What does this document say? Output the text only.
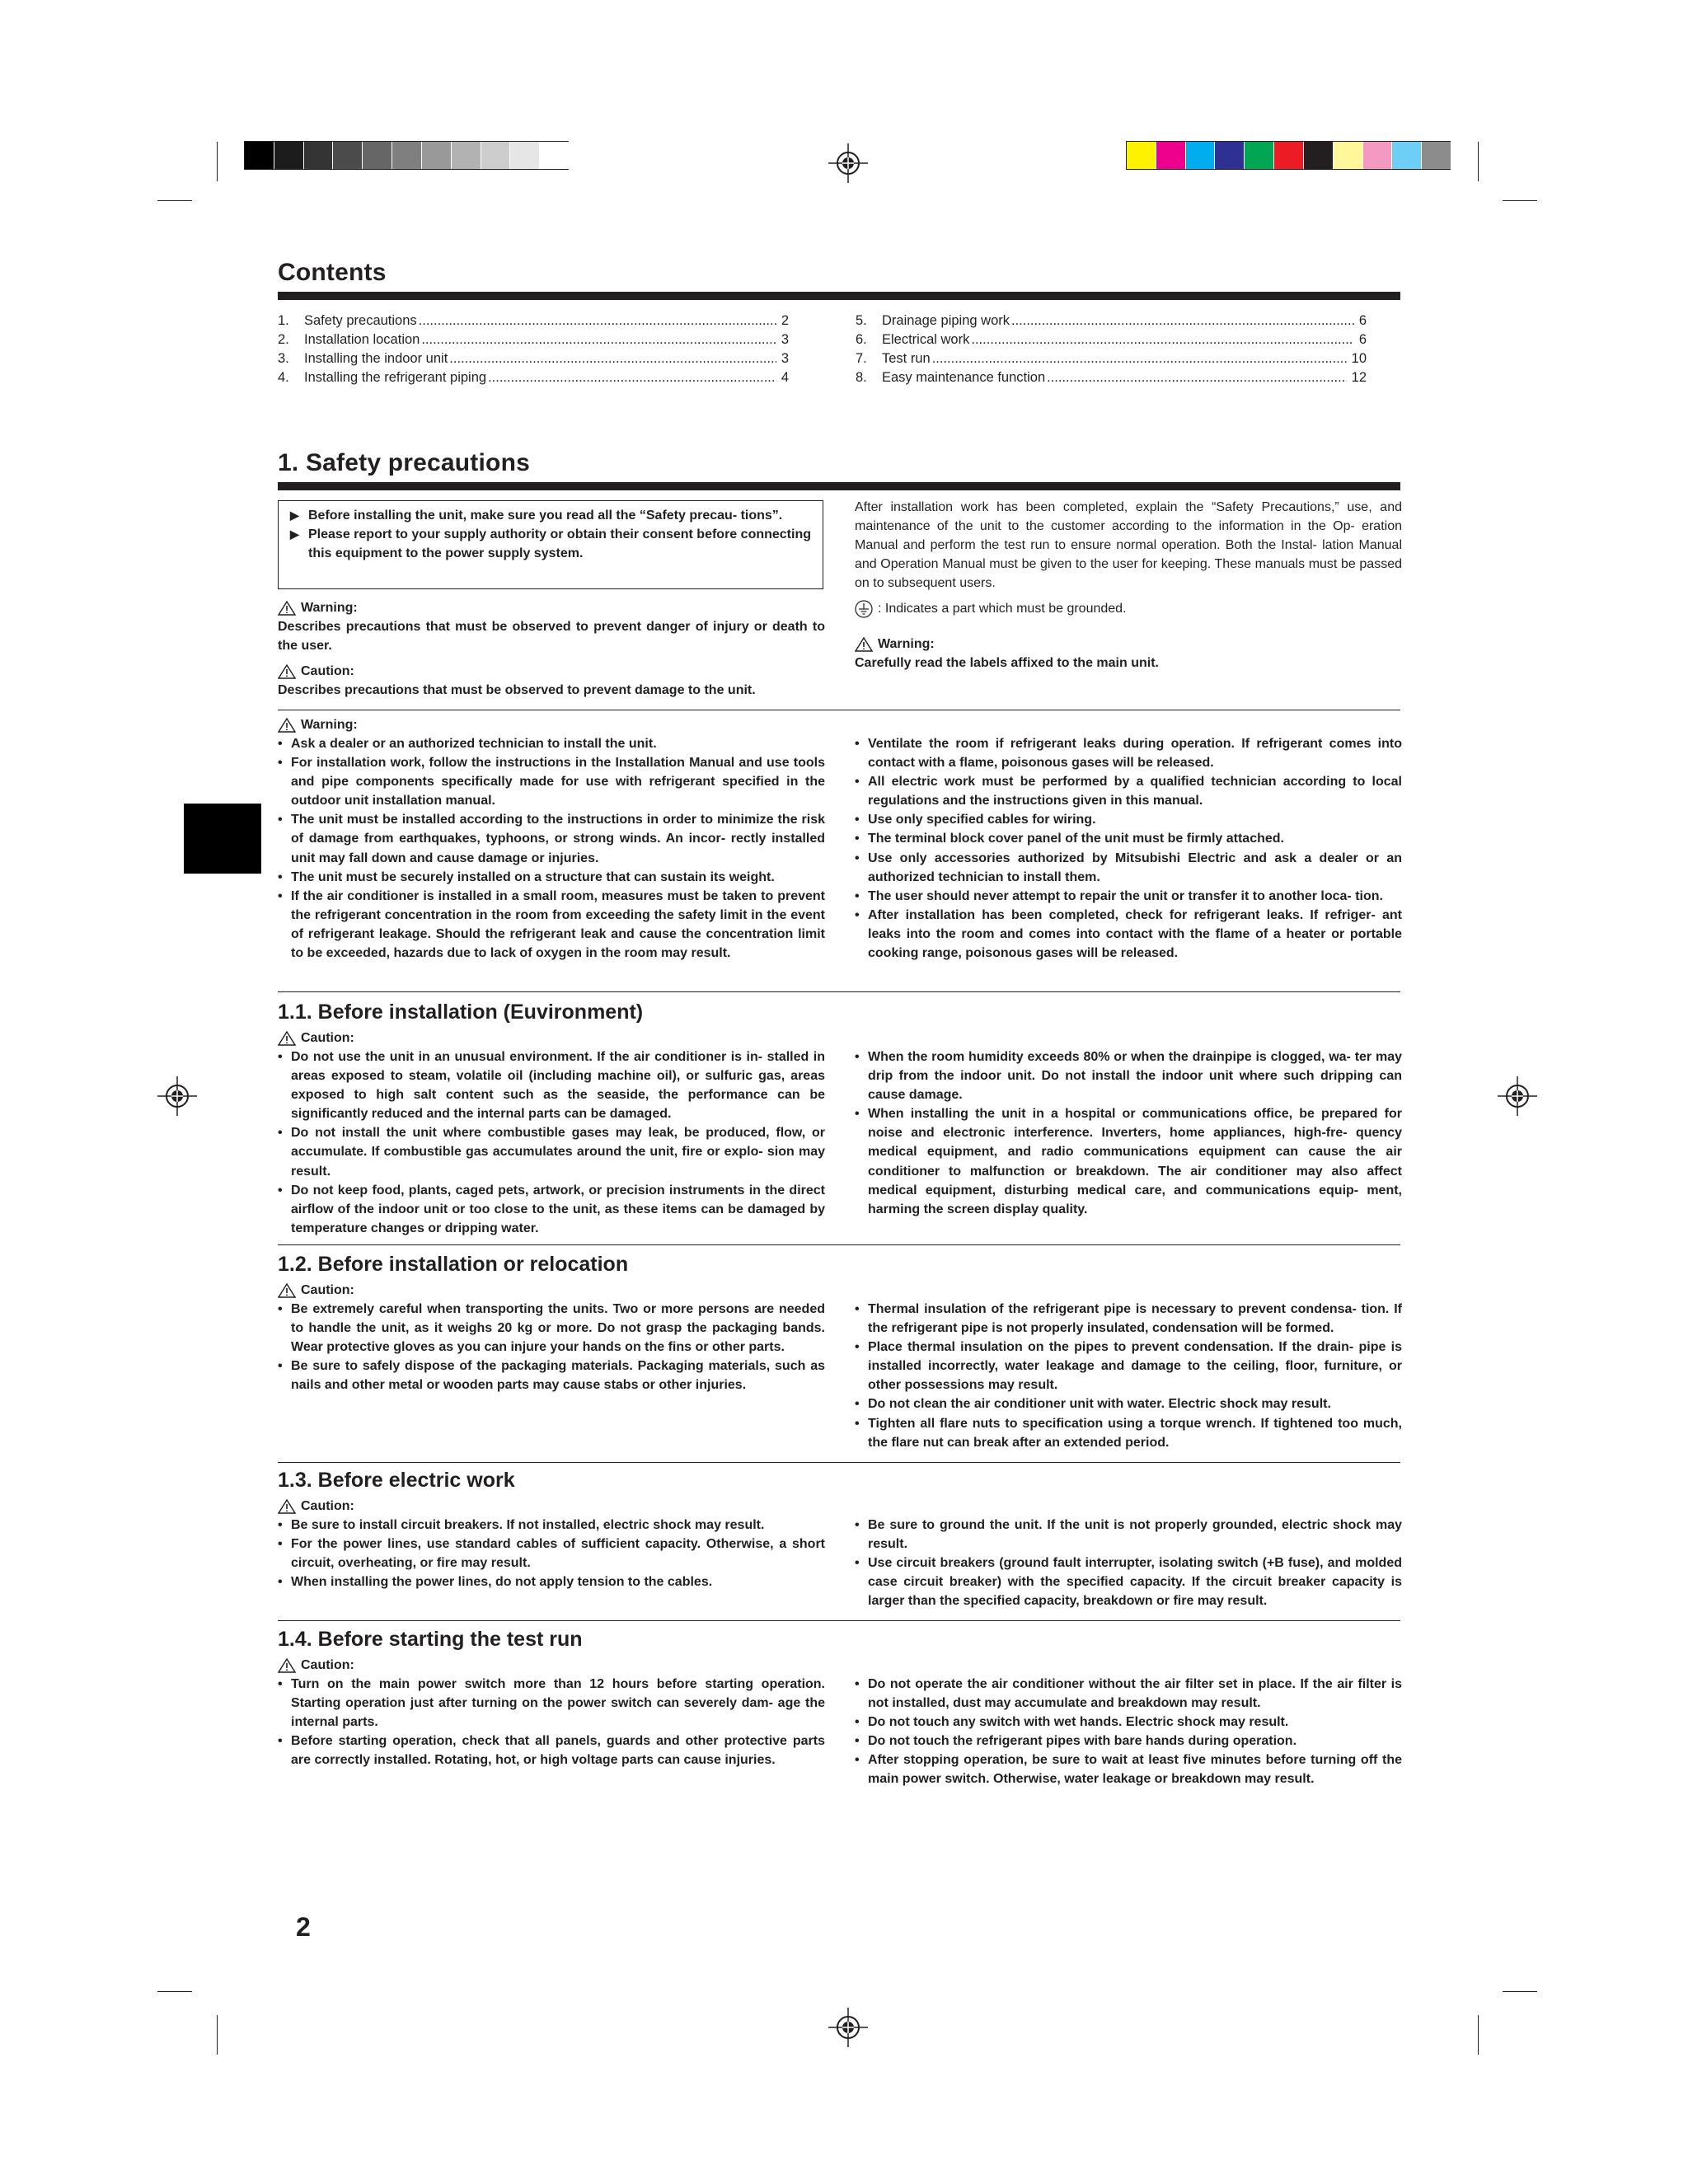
Contents
1.	Safety precautions .....	2
2.	Installation location .....	3
3.	Installing the indoor unit .....	3
4.	Installing the refrigerant piping .....	4
5.	Drainage piping work .....	6
6.	Electrical work .....	6
7.	Test run .....	10
8.	Easy maintenance function .....	12
1. Safety precautions
▶ Before installing the unit, make sure you read all the “Safety precau- tions”.
▶ Please report to your supply authority or obtain their consent before connecting this equipment to the power supply system.
Warning:
Describes precautions that must be observed to prevent danger of injury or death to the user.
Caution:
Describes precautions that must be observed to prevent damage to the unit.
After installation work has been completed, explain the “Safety Precautions,” use, and maintenance of the unit to the customer according to the information in the Op- eration Manual and perform the test run to ensure normal operation. Both the Instal- lation Manual and Operation Manual must be given to the user for keeping. These manuals must be passed on to subsequent users.
: Indicates a part which must be grounded.
Warning:
Carefully read the labels affixed to the main unit.
Warning:
• Ask a dealer or an authorized technician to install the unit.
• For installation work, follow the instructions in the Installation Manual and use tools and pipe components specifically made for use with refrigerant specified in the outdoor unit installation manual.
• The unit must be installed according to the instructions in order to minimize the risk of damage from earthquakes, typhoons, or strong winds. An incor- rectly installed unit may fall down and cause damage or injuries.
• The unit must be securely installed on a structure that can sustain its weight.
• If the air conditioner is installed in a small room, measures must be taken to prevent the refrigerant concentration in the room from exceeding the safety limit in the event of refrigerant leakage. Should the refrigerant leak and cause the concentration limit to be exceeded, hazards due to lack of oxygen in the room may result.
• Ventilate the room if refrigerant leaks during operation. If refrigerant comes into contact with a flame, poisonous gases will be released.
• All electric work must be performed by a qualified technician according to local regulations and the instructions given in this manual.
• Use only specified cables for wiring.
• The terminal block cover panel of the unit must be firmly attached.
• Use only accessories authorized by Mitsubishi Electric and ask a dealer or an authorized technician to install them.
• The user should never attempt to repair the unit or transfer it to another loca- tion.
• After installation has been completed, check for refrigerant leaks. If refriger- ant leaks into the room and comes into contact with the flame of a heater or portable cooking range, poisonous gases will be released.
1.1. Before installation (Euvironment)
Caution:
• Do not use the unit in an unusual environment. If the air conditioner is in- stalled in areas exposed to steam, volatile oil (including machine oil), or sulfuric gas, areas exposed to high salt content such as the seaside, the performance can be significantly reduced and the internal parts can be damaged.
• Do not install the unit where combustible gases may leak, be produced, flow, or accumulate. If combustible gas accumulates around the unit, fire or explo- sion may result.
• Do not keep food, plants, caged pets, artwork, or precision instruments in the direct airflow of the indoor unit or too close to the unit, as these items can be damaged by temperature changes or dripping water.
• When the room humidity exceeds 80% or when the drainpipe is clogged, wa- ter may drip from the indoor unit. Do not install the indoor unit where such dripping can cause damage.
• When installing the unit in a hospital or communications office, be prepared for noise and electronic interference. Inverters, home appliances, high-fre- quency medical equipment, and radio communications equipment can cause the air conditioner to malfunction or breakdown. The air conditioner may also affect medical equipment, disturbing medical care, and communications equip- ment, harming the screen display quality.
1.2. Before installation or relocation
Caution:
• Be extremely careful when transporting the units. Two or more persons are needed to handle the unit, as it weighs 20 kg or more. Do not grasp the packaging bands. Wear protective gloves as you can injure your hands on the fins or other parts.
• Be sure to safely dispose of the packaging materials. Packaging materials, such as nails and other metal or wooden parts may cause stabs or other injuries.
• Thermal insulation of the refrigerant pipe is necessary to prevent condensa- tion. If the refrigerant pipe is not properly insulated, condensation will be formed.
• Place thermal insulation on the pipes to prevent condensation. If the drain- pipe is installed incorrectly, water leakage and damage to the ceiling, floor, furniture, or other possessions may result.
• Do not clean the air conditioner unit with water. Electric shock may result.
• Tighten all flare nuts to specification using a torque wrench. If tightened too much, the flare nut can break after an extended period.
1.3. Before electric work
Caution:
• Be sure to install circuit breakers. If not installed, electric shock may result.
• For the power lines, use standard cables of sufficient capacity. Otherwise, a short circuit, overheating, or fire may result.
• When installing the power lines, do not apply tension to the cables.
• Be sure to ground the unit. If the unit is not properly grounded, electric shock may result.
• Use circuit breakers (ground fault interrupter, isolating switch (+B fuse), and molded case circuit breaker) with the specified capacity. If the circuit breaker capacity is larger than the specified capacity, breakdown or fire may result.
1.4. Before starting the test run
Caution:
• Turn on the main power switch more than 12 hours before starting operation. Starting operation just after turning on the power switch can severely dam- age the internal parts.
• Before starting operation, check that all panels, guards and other protective parts are correctly installed. Rotating, hot, or high voltage parts can cause injuries.
• Do not operate the air conditioner without the air filter set in place. If the air filter is not installed, dust may accumulate and breakdown may result.
• Do not touch any switch with wet hands. Electric shock may result.
• Do not touch the refrigerant pipes with bare hands during operation.
• After stopping operation, be sure to wait at least five minutes before turning off the main power switch. Otherwise, water leakage or breakdown may result.
2
